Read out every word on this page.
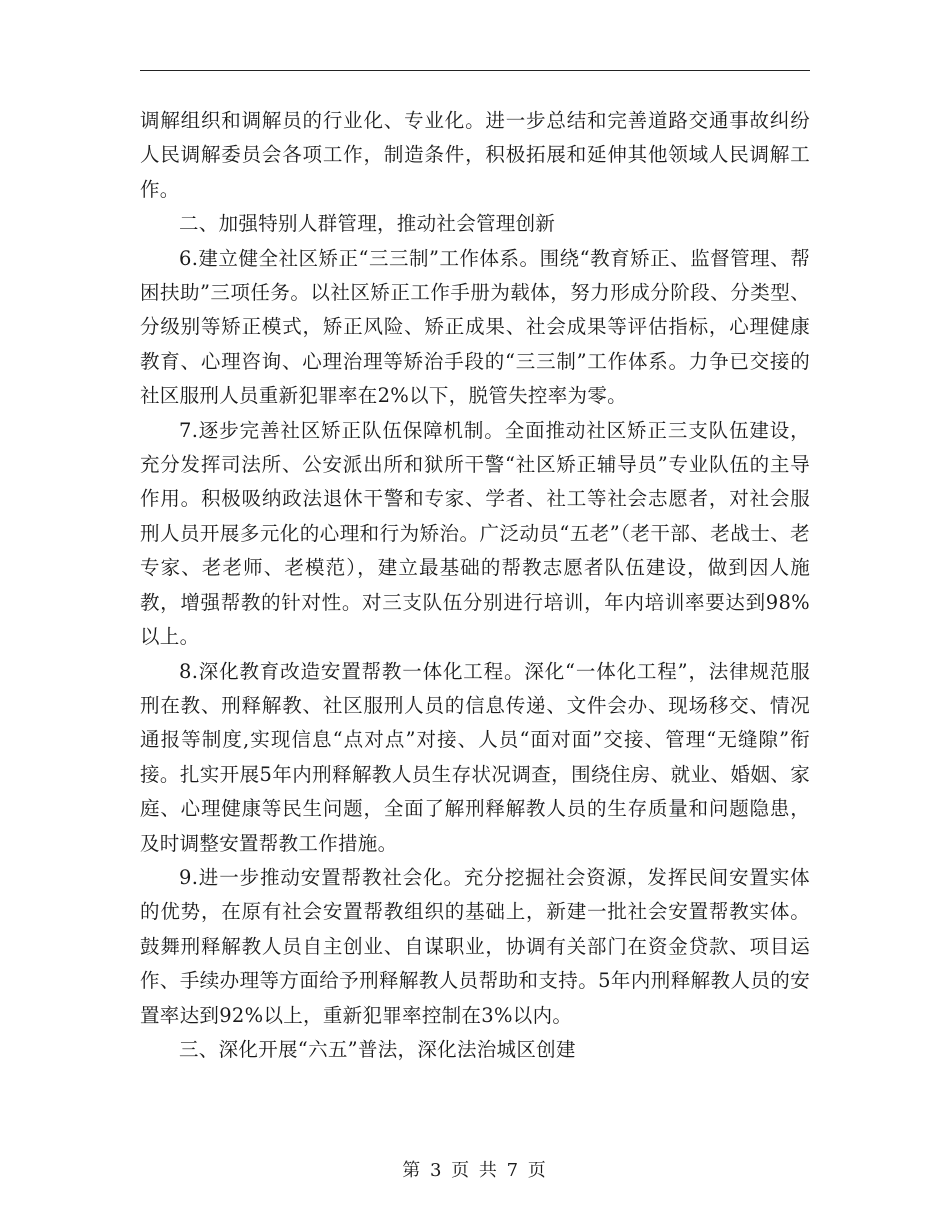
调解组织和调解员的行业化、专业化。进一步总结和完善道路交通事故纠纷人民调解委员会各项工作，制造条件，积极拓展和延伸其他领域人民调解工作。

二、加强特别人群管理，推动社会管理创新

6.建立健全社区矫正“三三制”工作体系。围绕“教育矫正、监督管理、帮困扶助”三项任务。以社区矫正工作手册为载体，努力形成分阶段、分类型、分级别等矫正模式，矫正风险、矫正成果、社会成果等评估指标，心理健康教育、心理咨询、心理治理等矫治手段的“三三制”工作体系。力争已交接的社区服刑人员重新犯罪率在2%以下，脱管失控率为零。

7.逐步完善社区矫正队伍保障机制。全面推动社区矫正三支队伍建设，充分发挥司法所、公安派出所和狱所干警“社区矫正辅导员”专业队伍的主导作用。积极吸纳政法退休干警和专家、学者、社工等社会志愿者，对社会服刑人员开展多元化的心理和行为矫治。广泛动员“五老”（老干部、老战士、老专家、老老师、老模范），建立最基础的帮教志愿者队伍建设，做到因人施教，增强帮教的针对性。对三支队伍分别进行培训，年内培训率要达到98%以上。

8.深化教育改造安置帮教一体化工程。深化“一体化工程”，法律规范服刑在教、刑释解教、社区服刑人员的信息传递、文件会办、现场移交、情况通报等制度,实现信息“点对点”对接、人员“面对面”交接、管理“无缝隙”衔接。扎实开展5年内刑释解教人员生存状况调查，围绕住房、就业、婚姻、家庭、心理健康等民生问题，全面了解刑释解教人员的生存质量和问题隐患，及时调整安置帮教工作措施。

9.进一步推动安置帮教社会化。充分挖掘社会资源，发挥民间安置实体的优势，在原有社会安置帮教组织的基础上，新建一批社会安置帮教实体。鼓舞刑释解教人员自主创业、自谋职业，协调有关部门在资金贷款、项目运作、手续办理等方面给予刑释解教人员帮助和支持。5年内刑释解教人员的安置率达到92%以上，重新犯罪率控制在3%以内。

三、深化开展“六五”普法，深化法治城区创建

第 3 页 共 7 页
